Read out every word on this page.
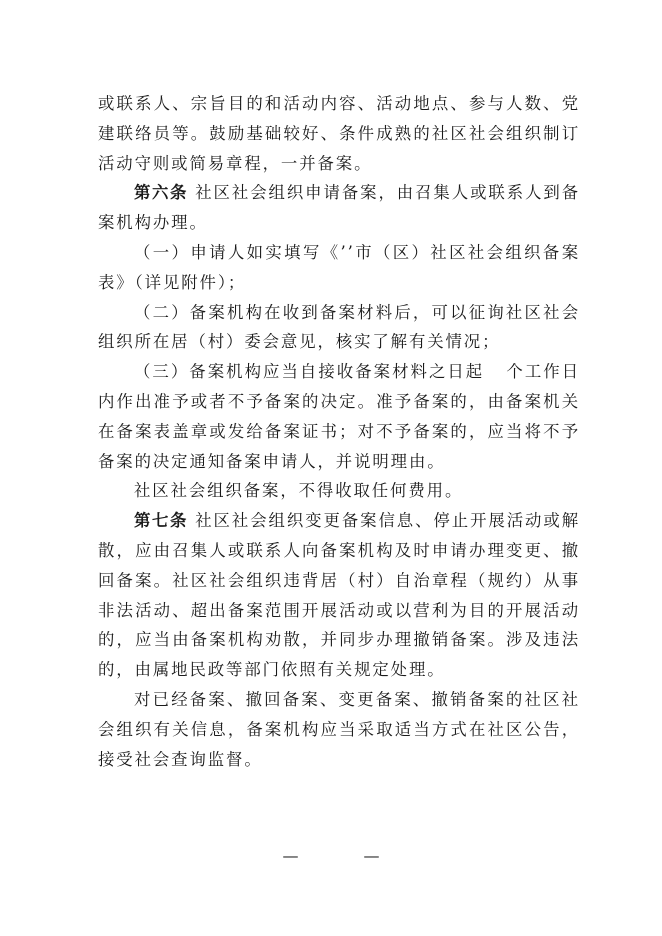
或联系人、宗旨目的和活动内容、活动地点、参与人数、党建联络员等。鼓励基础较好、条件成熟的社区社会组织制订活动守则或简易章程，一并备案。

第六条 社区社会组织申请备案，由召集人或联系人到备案机构办理。

（一）申请人如实填写《’’市（区）社区社会组织备案表》（详见附件）；

（二）备案机构在收到备案材料后，可以征询社区社会组织所在居（村）委会意见，核实了解有关情况；

（三）备案机构应当自接收备案材料之日起 个工作日内作出准予或者不予备案的决定。准予备案的，由备案机关在备案表盖章或发给备案证书；对不予备案的，应当将不予备案的决定通知备案申请人，并说明理由。

社区社会组织备案，不得收取任何费用。

第七条 社区社会组织变更备案信息、停止开展活动或解散，应由召集人或联系人向备案机构及时申请办理变更、撤回备案。社区社会组织违背居（村）自治章程（规约）从事非法活动、超出备案范围开展活动或以营利为目的开展活动的，应当由备案机构劝散，并同步办理撤销备案。涉及违法的，由属地民政等部门依照有关规定处理。

对已经备案、撤回备案、变更备案、撤销备案的社区社会组织有关信息，备案机构应当采取适当方式在社区公告，接受社会查询监督。

— —
